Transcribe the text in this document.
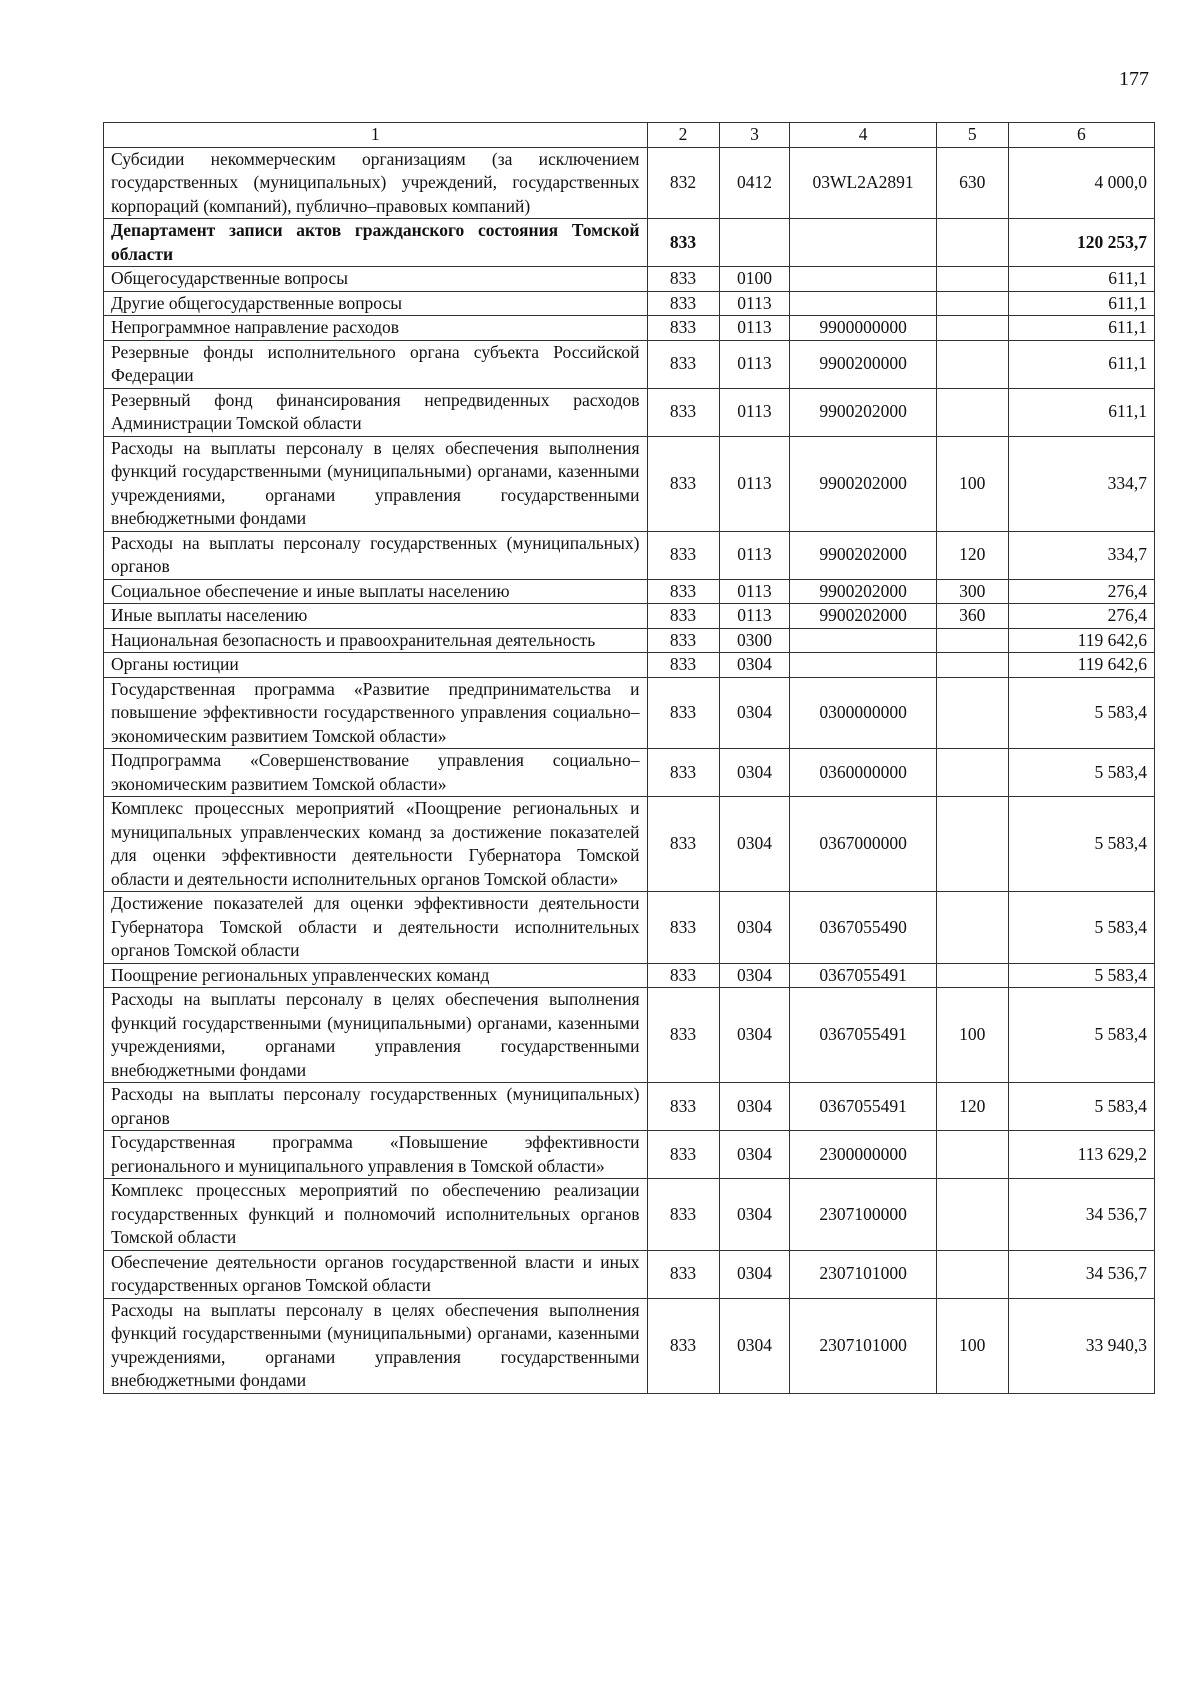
177
1	2	3	4	5	6
Субсидии некоммерческим организациям (за исключением государственных (муниципальных) учреждений, государственных корпораций (компаний), публично–правовых компаний)	832	0412	03WL2A2891	630	4 000,0
Департамент записи актов гражданского состояния Томской области	833				120 253,7
Общегосударственные вопросы	833	0100			611,1
Другие общегосударственные вопросы	833	0113			611,1
Непрограммное направление расходов	833	0113	9900000000		611,1
Резервные фонды исполнительного органа субъекта Российской Федерации	833	0113	9900200000		611,1
Резервный фонд финансирования непредвиденных расходов Администрации Томской области	833	0113	9900202000		611,1
Расходы на выплаты персоналу в целях обеспечения выполнения функций государственными (муниципальными) органами, казенными учреждениями, органами управления государственными внебюджетными фондами	833	0113	9900202000	100	334,7
Расходы на выплаты персоналу государственных (муниципальных) органов	833	0113	9900202000	120	334,7
Социальное обеспечение и иные выплаты населению	833	0113	9900202000	300	276,4
Иные выплаты населению	833	0113	9900202000	360	276,4
Национальная безопасность и правоохранительная деятельность	833	0300			119 642,6
Органы юстиции	833	0304			119 642,6
Государственная программа «Развитие предпринимательства и повышение эффективности государственного управления социально–экономическим развитием Томской области»	833	0304	0300000000		5 583,4
Подпрограмма «Совершенствование управления социально–экономическим развитием Томской области»	833	0304	0360000000		5 583,4
Комплекс процессных мероприятий «Поощрение региональных и муниципальных управленческих команд за достижение показателей для оценки эффективности деятельности Губернатора Томской области и деятельности исполнительных органов Томской области»	833	0304	0367000000		5 583,4
Достижение показателей для оценки эффективности деятельности Губернатора Томской области и деятельности исполнительных органов Томской области	833	0304	0367055490		5 583,4
Поощрение региональных управленческих команд	833	0304	0367055491		5 583,4
Расходы на выплаты персоналу в целях обеспечения выполнения функций государственными (муниципальными) органами, казенными учреждениями, органами управления государственными внебюджетными фондами	833	0304	0367055491	100	5 583,4
Расходы на выплаты персоналу государственных (муниципальных) органов	833	0304	0367055491	120	5 583,4
Государственная программа «Повышение эффективности регионального и муниципального управления в Томской области»	833	0304	2300000000		113 629,2
Комплекс процессных мероприятий по обеспечению реализации государственных функций и полномочий исполнительных органов Томской области	833	0304	2307100000		34 536,7
Обеспечение деятельности органов государственной власти и иных государственных органов Томской области	833	0304	2307101000		34 536,7
Расходы на выплаты персоналу в целях обеспечения выполнения функций государственными (муниципальными) органами, казенными учреждениями, органами управления государственными внебюджетными фондами	833	0304	2307101000	100	33 940,3
